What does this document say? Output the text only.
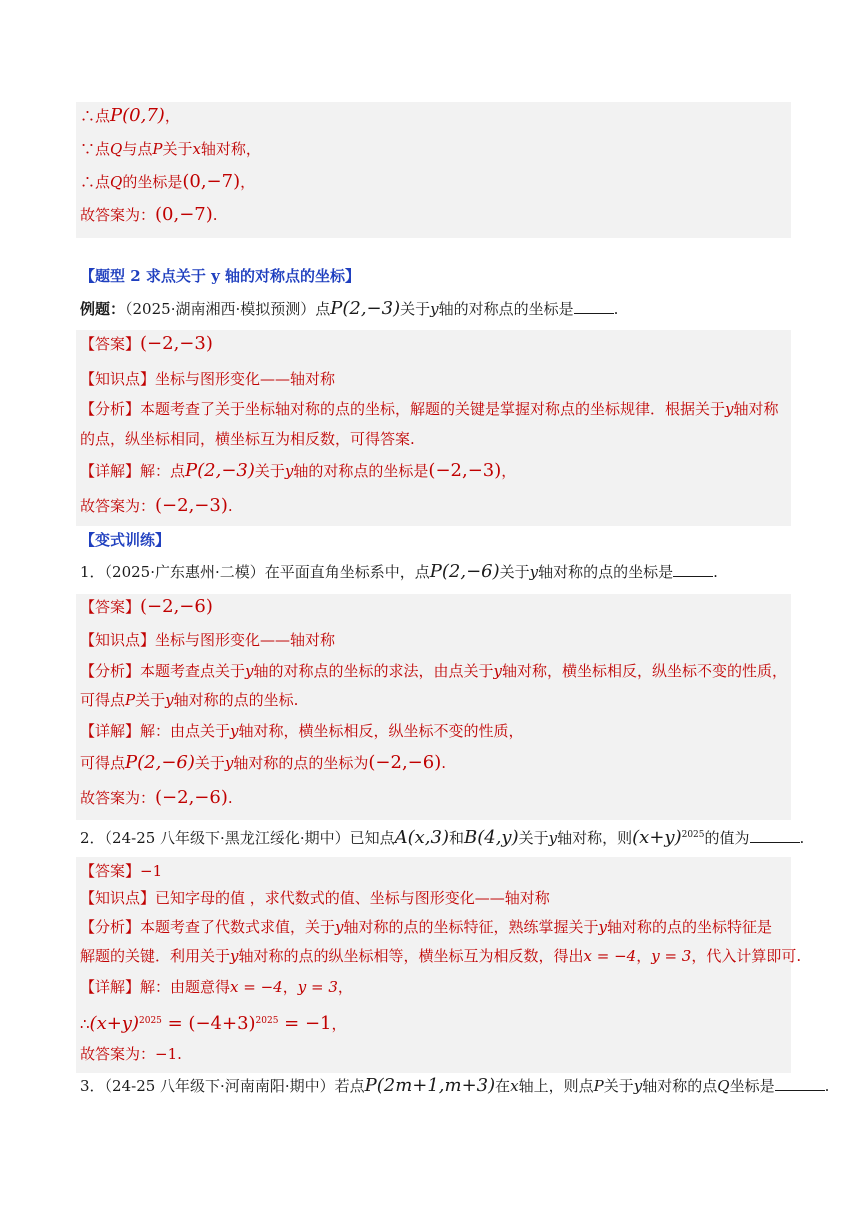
∴点P(0,7)，
∵点Q与点P关于x轴对称，
∴点Q的坐标是(0,−7)，
故答案为：(0,−7).
【题型 2 求点关于 y 轴的对称点的坐标】
例题：（2025·湖南湘西·模拟预测）点P(2,−3)关于y轴的对称点的坐标是	.
【答案】(−2,−3)
【知识点】坐标与图形变化——轴对称
【分析】本题考查了关于坐标轴对称的点的坐标，解题的关键是掌握对称点的坐标规律．根据关于y轴对称
的点，纵坐标相同，横坐标互为相反数，可得答案.
【详解】解：点P(2,−3)关于y轴的对称点的坐标是(−2,−3)，
故答案为：(−2,−3).
【变式训练】
1．（2025·广东惠州·二模）在平面直角坐标系中，点P(2,−6)关于y轴对称的点的坐标是	.
【答案】(−2,−6)
【知识点】坐标与图形变化——轴对称
【分析】本题考查点关于y轴的对称点的坐标的求法，由点关于y轴对称，横坐标相反，纵坐标不变的性质，
可得点P关于y轴对称的点的坐标.
【详解】解：由点关于y轴对称，横坐标相反，纵坐标不变的性质，
可得点P(2,−6)关于y轴对称的点的坐标为(−2,−6).
故答案为：(−2,−6).
2．（24-25 八年级下·黑龙江绥化·期中）已知点A(x,3)和B(4,y)关于y轴对称，则$(x+y)^{2025}$的值为	.
【答案】−1
【知识点】已知字母的值 ，求代数式的值、坐标与图形变化——轴对称
【分析】本题考查了代数式求值，关于y轴对称的点的坐标特征，熟练掌握关于y轴对称的点的坐标特征是
解题的关键．利用关于y轴对称的点的纵坐标相等，横坐标互为相反数，得出x = −4，y = 3，代入计算即可.
【详解】解：由题意得x = −4，y = 3，
$\therefore(x+y)^{2025} = (-4+3)^{2025} = -1$，
故答案为：−1.
3．（24-25 八年级下·河南南阳·期中）若点P(2m+1,m+3)在x轴上，则点P关于y轴对称的点Q坐标是	.
